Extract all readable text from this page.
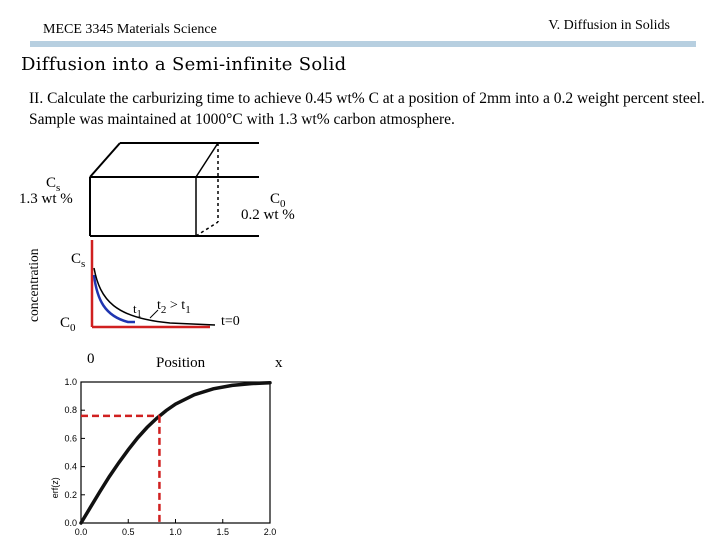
MECE 3345 Materials Science	V. Diffusion in Solids
Diffusion into a Semi-infinite Solid
II. Calculate the carburizing time to achieve 0.45 wt% C at a position of 2mm into a 0.2 weight percent steel. Sample was maintained at 1000°C with 1.3 wt% carbon atmosphere.
$C_s$
1.3 wt %	$C_0$
0.2 wt %
concentration $C_s$
$C_0$
$t_1$
$t_2 > t_1$
t=0
0	Position	x
0.0
0.2
0.4
0.6
0.8
1.0
0.0	0.5	1.0	1.5	2.0
erf(z)
